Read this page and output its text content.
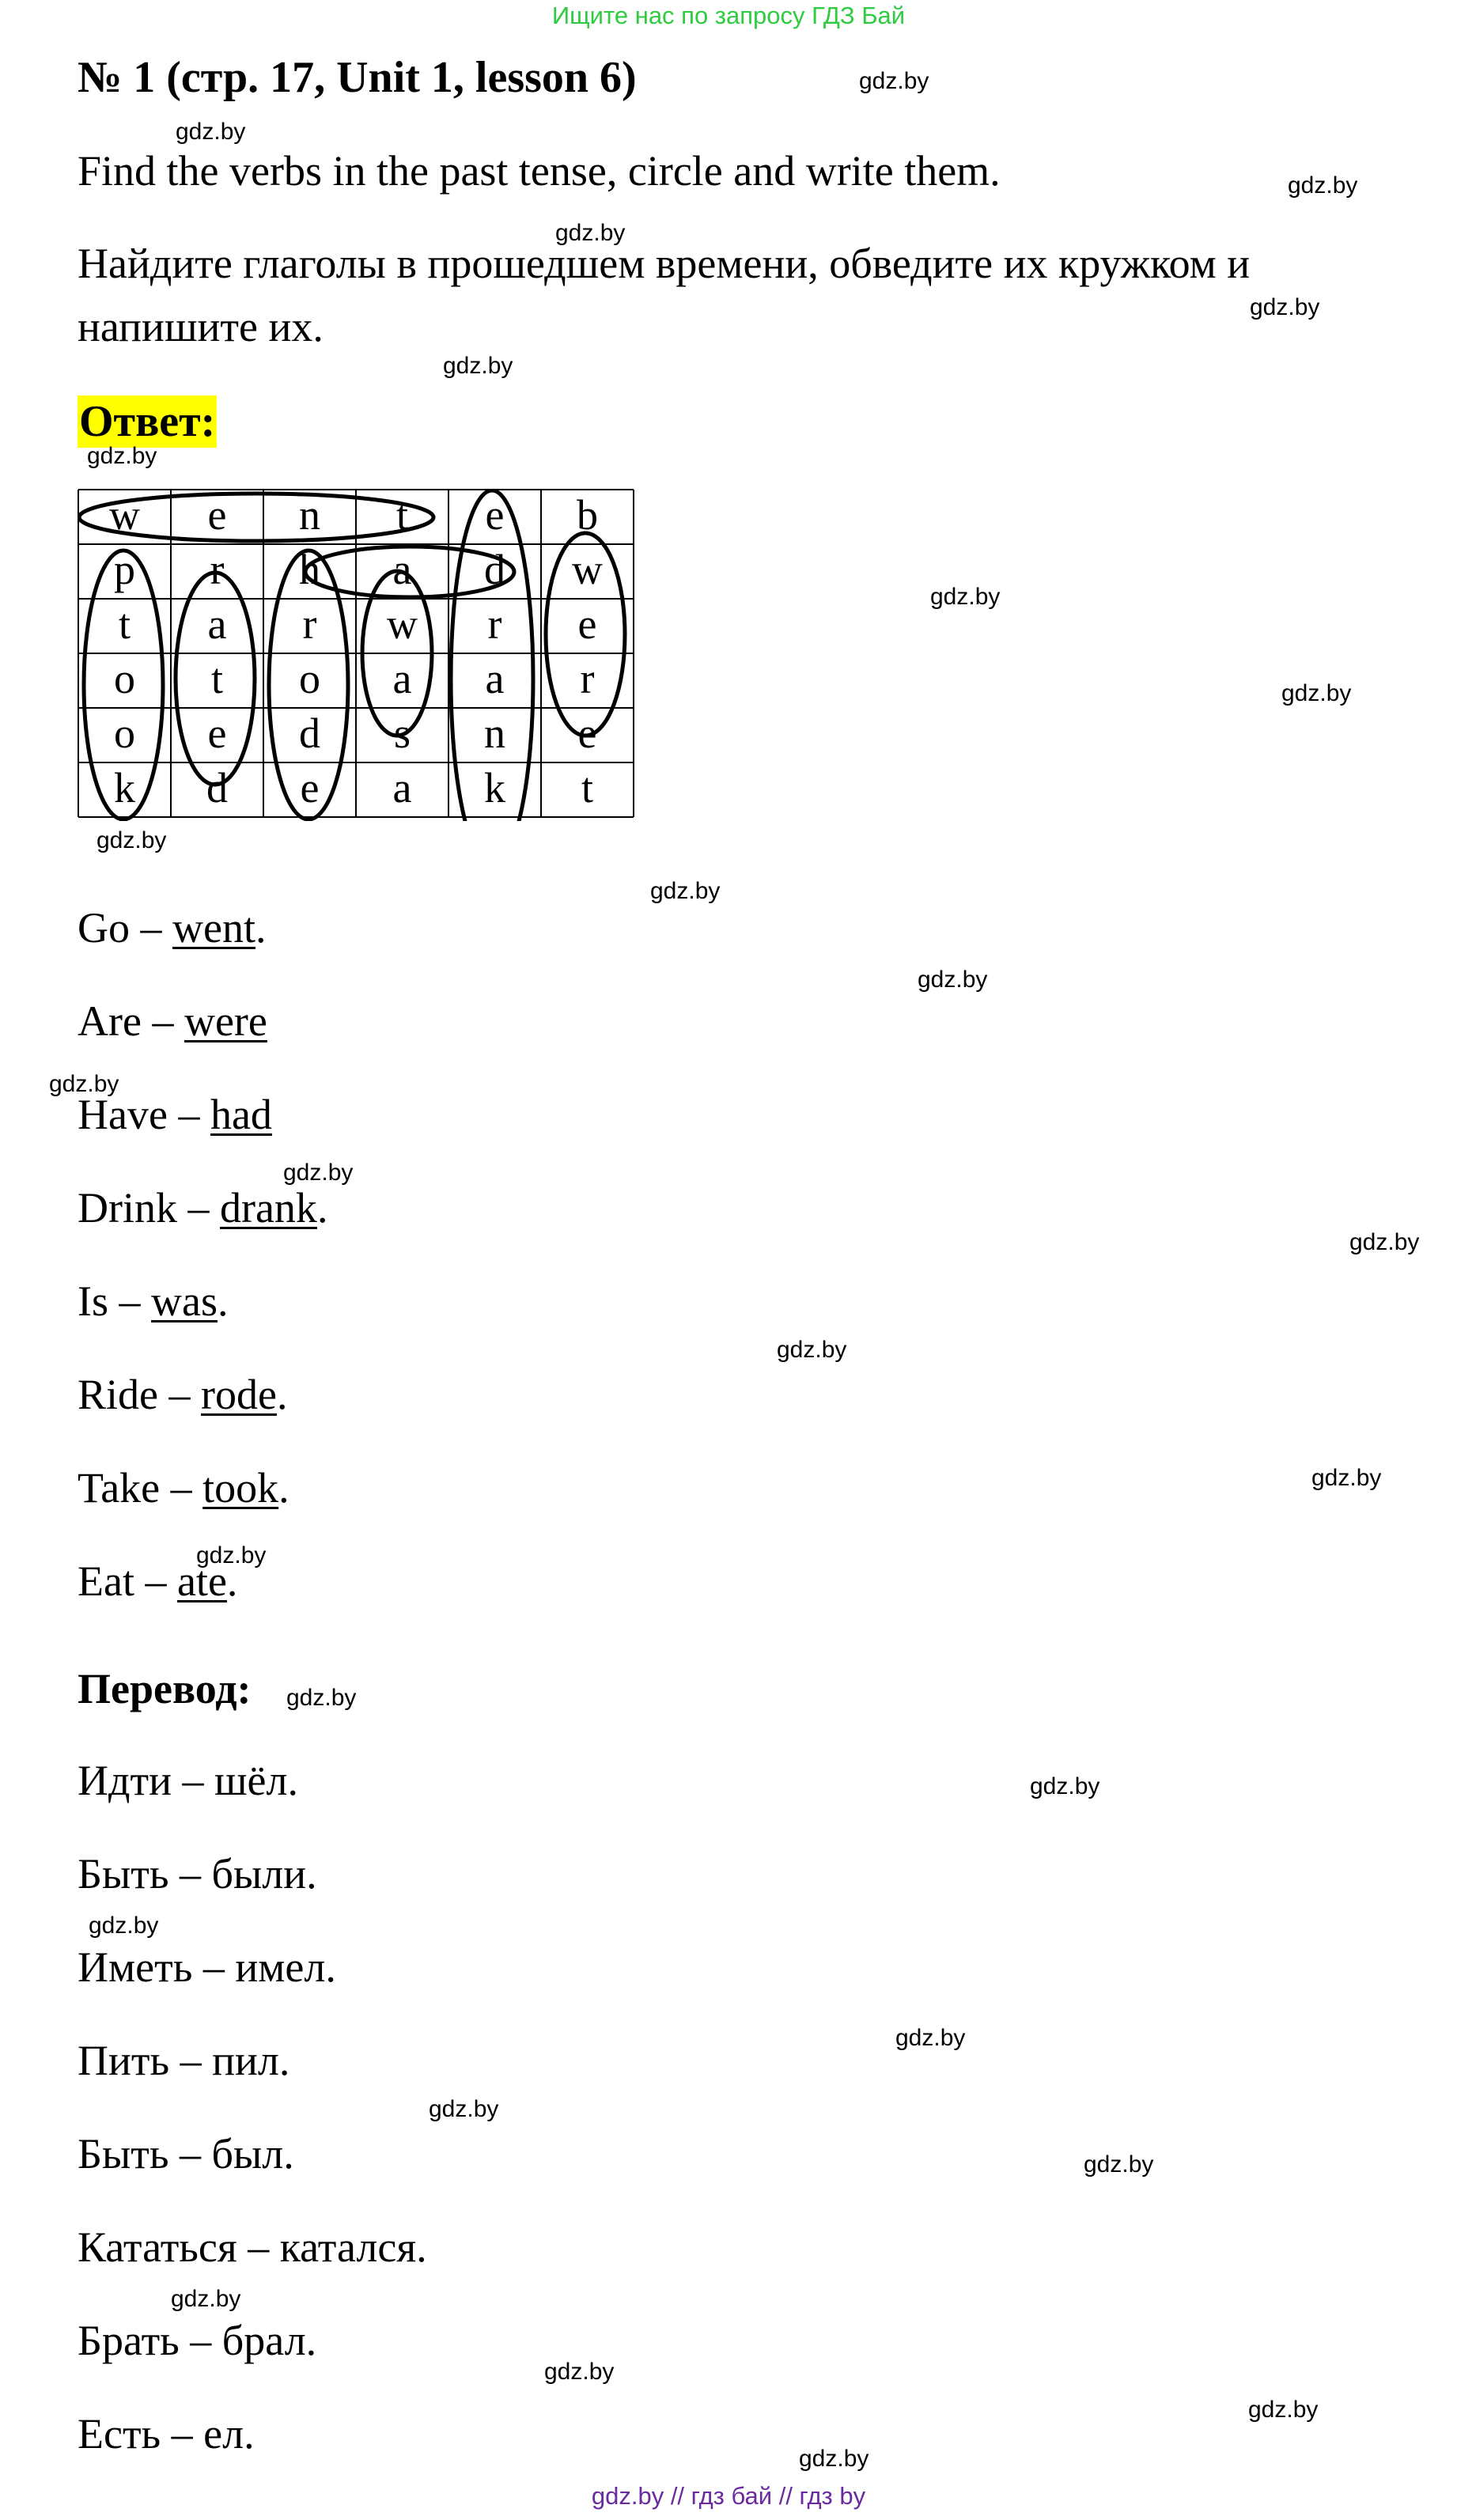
Ищите нас по запросу ГДЗ Бай
№ 1 (стр. 17, Unit 1, lesson 6)
Find the verbs in the past tense, circle and write them.
Найдите глаголы в прошедшем времени, обведите их кружком и
напишите их.
Ответ:
w e n t e b
p r h a d w
t a r w r e
o t o a a r
o e d s n e
k d e a k t
Go – went.
Are – were
Have – had
Drink – drank.
Is – was.
Ride – rode.
Take – took.
Eat – ate.
Перевод:
Идти – шёл.
Быть – были.
Иметь – имел.
Пить – пил.
Быть – был.
Кататься – катался.
Брать – брал.
Есть – ел.
gdz.by
gdz.by
gdz.by
gdz.by
gdz.by
gdz.by
gdz.by
gdz.by
gdz.by
gdz.by
gdz.by
gdz.by
gdz.by
gdz.by
gdz.by
gdz.by
gdz.by
gdz.by
gdz.by
gdz.by
gdz.by
gdz.by
gdz.by
gdz.by
gdz.by
gdz.by
gdz.by
gdz.by
gdz.by // гдз бай // гдз by
